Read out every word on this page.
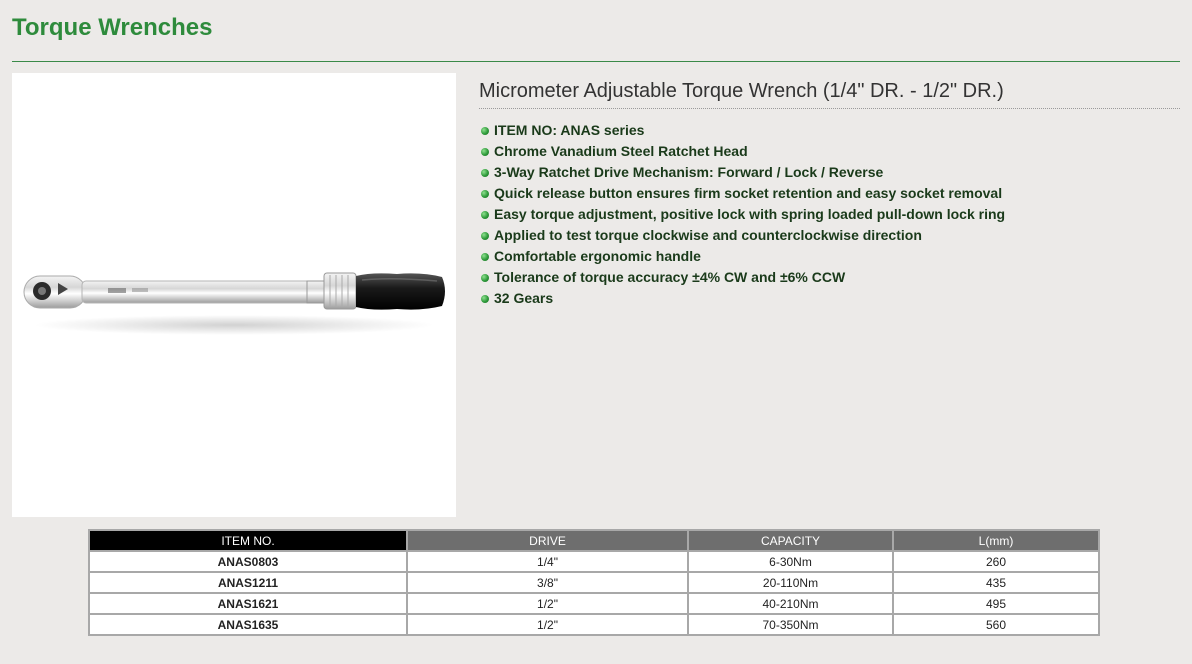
Torque Wrenches
Micrometer Adjustable Torque Wrench (1/4" DR. - 1/2" DR.)
ITEM NO: ANAS series
Chrome Vanadium Steel Ratchet Head
3-Way Ratchet Drive Mechanism: Forward / Lock / Reverse
Quick release button ensures firm socket retention and easy socket removal
Easy torque adjustment, positive lock with spring loaded pull-down lock ring
Applied to test torque clockwise and counterclockwise direction
Comfortable ergonomic handle
Tolerance of torque accuracy ±4% CW and ±6% CCW
32 Gears
ITEM NO.	DRIVE	CAPACITY	L(mm)
ANAS0803	1/4"	6-30Nm	260
ANAS1211	3/8"	20-110Nm	435
ANAS1621	1/2"	40-210Nm	495
ANAS1635	1/2"	70-350Nm	560
